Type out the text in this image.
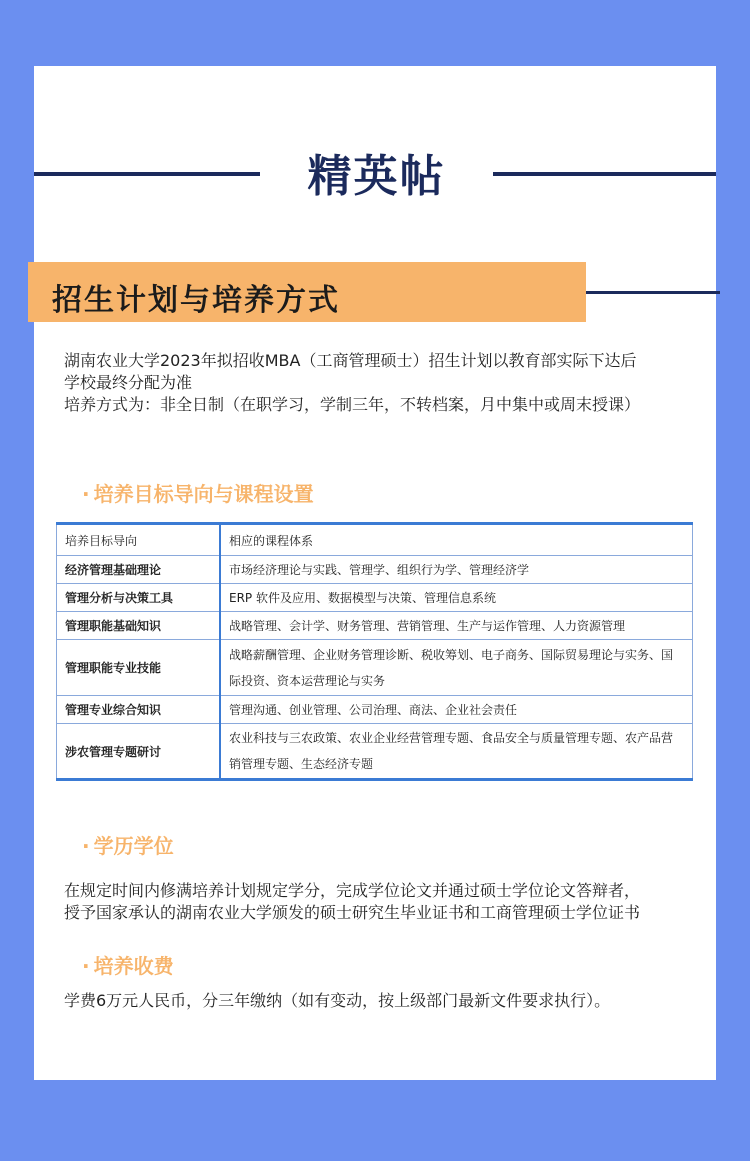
精英帖
招生计划与培养方式
湖南农业大学2023年拟招收MBA（工商管理硕士）招生计划以教育部实际下达后
学校最终分配为准
培养方式为：非全日制（在职学习，学制三年，不转档案，月中集中或周末授课）
· 培养目标导向与课程设置
培养目标导向	相应的课程体系
经济管理基础理论	市场经济理论与实践、管理学、组织行为学、管理经济学
管理分析与决策工具	ERP 软件及应用、数据模型与决策、管理信息系统
管理职能基础知识	战略管理、会计学、财务管理、营销管理、生产与运作管理、人力资源管理
管理职能专业技能	战略薪酬管理、企业财务管理诊断、税收筹划、电子商务、国际贸易理论与实务、国际投资、资本运营理论与实务
管理专业综合知识	管理沟通、创业管理、公司治理、商法、企业社会责任
涉农管理专题研讨	农业科技与三农政策、农业企业经营管理专题、食品安全与质量管理专题、农产品营销管理专题、生态经济专题
· 学历学位
在规定时间内修满培养计划规定学分，完成学位论文并通过硕士学位论文答辩者，
授予国家承认的湖南农业大学颁发的硕士研究生毕业证书和工商管理硕士学位证书
· 培养收费
学费6万元人民币，分三年缴纳（如有变动，按上级部门最新文件要求执行）。
